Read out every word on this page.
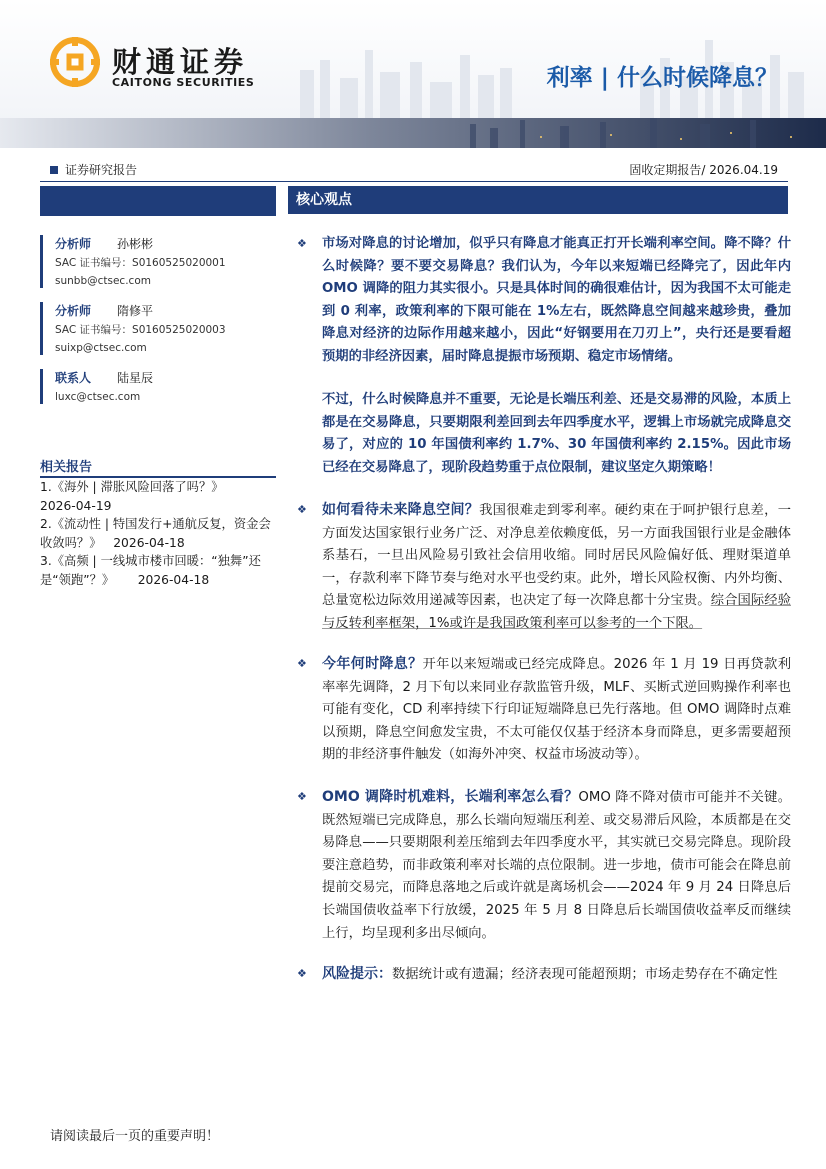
财通证券
CAITONG SECURITIES	利率 | 什么时候降息？
证券研究报告	固收定期报告/ 2026.04.19
分析师	孙彬彬
SAC 证书编号：S0160525020001
sunbb@ctsec.com
分析师	隋修平
SAC 证书编号：S0160525020003
suixp@ctsec.com
联系人	陆星辰
luxc@ctsec.com
相关报告
1.《海外 | 滞胀风险回落了吗？》
2026-04-19
2.《流动性 | 特国发行+通航反复，资金会收敛吗？》 2026-04-18
3.《高频 | 一线城市楼市回暖：“独舞”还是“领跑”？》 2026-04-18
核心观点
❖	市场对降息的讨论增加，似乎只有降息才能真正打开长端利率空间。降不降？什么时候降？要不要交易降息？我们认为，今年以来短端已经降完了，因此年内 OMO 调降的阻力其实很小。只是具体时间的确很难估计，因为我国不太可能走到 0 利率，政策利率的下限可能在 1%左右，既然降息空间越来越珍贵，叠加降息对经济的边际作用越来越小，因此“好钢要用在刀刃上”，央行还是要看超预期的非经济因素，届时降息提振市场预期、稳定市场情绪。
不过，什么时候降息并不重要，无论是长端压利差、还是交易滞的风险，本质上都是在交易降息，只要期限利差回到去年四季度水平，逻辑上市场就完成降息交易了，对应的 10 年国债利率约 1.7%、30 年国债利率约 2.15%。因此市场已经在交易降息了，现阶段趋势重于点位限制，建议坚定久期策略！
❖	如何看待未来降息空间？我国很难走到零利率。硬约束在于呵护银行息差，一方面发达国家银行业务广泛、对净息差依赖度低，另一方面我国银行业是金融体系基石，一旦出风险易引致社会信用收缩。同时居民风险偏好低、理财渠道单一，存款利率下降节奏与绝对水平也受约束。此外，增长风险权衡、内外均衡、总量宽松边际效用递减等因素，也决定了每一次降息都十分宝贵。综合国际经验与反转利率框架，1%或许是我国政策利率可以参考的一个下限。
❖	今年何时降息？开年以来短端或已经完成降息。2026 年 1 月 19 日再贷款利率率先调降，2 月下旬以来同业存款监管升级，MLF、买断式逆回购操作利率也可能有变化，CD 利率持续下行印证短端降息已先行落地。但 OMO 调降时点难以预期，降息空间愈发宝贵，不太可能仅仅基于经济本身而降息，更多需要超预期的非经济事件触发（如海外冲突、权益市场波动等）。
❖	OMO 调降时机难料，长端利率怎么看？OMO 降不降对债市可能并不关键。既然短端已完成降息，那么长端向短端压利差、或交易滞后风险，本质都是在交易降息——只要期限利差压缩到去年四季度水平，其实就已交易完降息。现阶段要注意趋势，而非政策利率对长端的点位限制。进一步地，债市可能会在降息前提前交易完，而降息落地之后或许就是离场机会——2024 年 9 月 24 日降息后长端国债收益率下行放缓，2025 年 5 月 8 日降息后长端国债收益率反而继续上行，均呈现利多出尽倾向。
❖	风险提示：数据统计或有遗漏；经济表现可能超预期；市场走势存在不确定性
请阅读最后一页的重要声明！
